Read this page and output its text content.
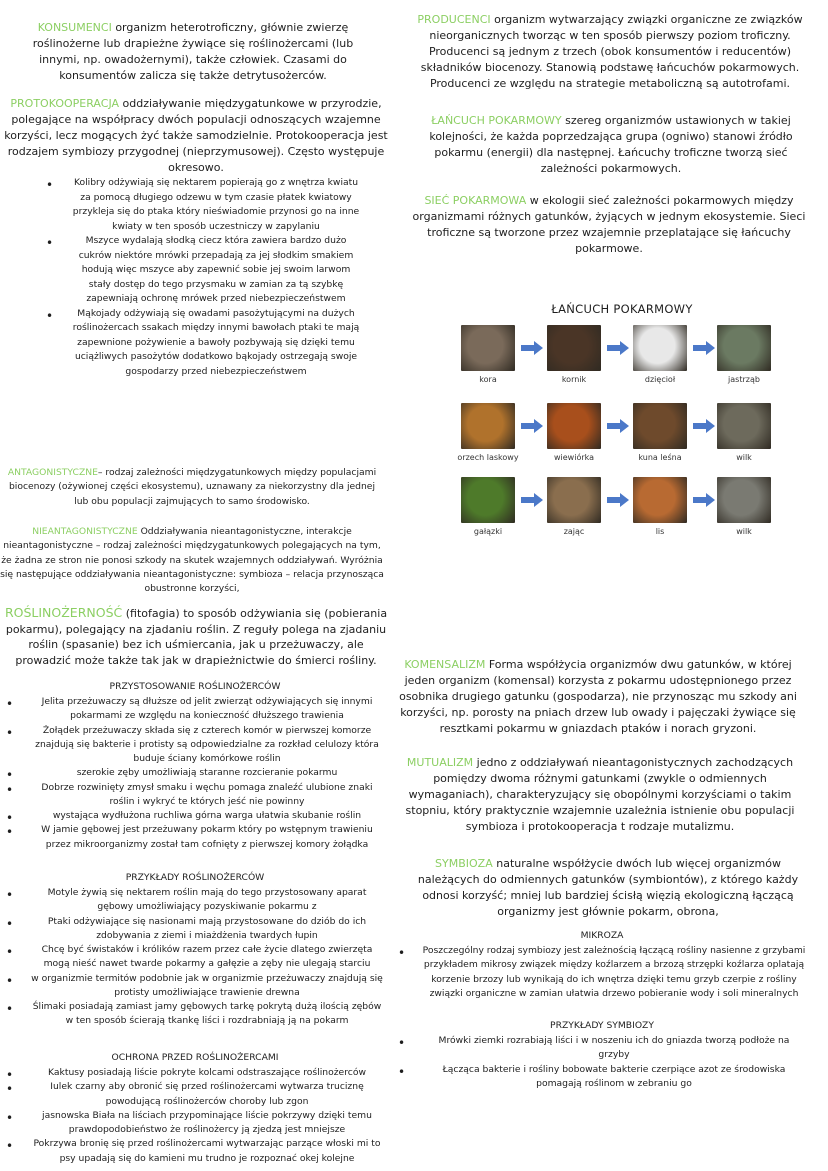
KONSUMENCI organizm heterotroficzny, głównie zwierzę roślinożerne lub drapieżne żywiące się roślinożercami (lub innymi, np. owadożernymi), także człowiek. Czasami do konsumentów zalicza się także detrytusożerców.
PROTOKOOPERACJA oddziaływanie międzygatunkowe w przyrodzie, polegające na współpracy dwóch populacji odnoszących wzajemne korzyści, lecz mogących żyć także samodzielnie. Protokooperacja jest rodzajem symbiozy przygodnej (nieprzymusowej). Często występuje okresowo.
• Kolibry odżywiają się nektarem popierają go z wnętrza kwiatu za pomocą długiego odzewu w tym czasie płatek kwiatowy przykleja się do ptaka który nieświadomie przynosi go na inne kwiaty w ten sposób uczestniczy w zapylaniu
• Mszyce wydalają słodką ciecz która zawiera bardzo dużo cukrów niektóre mrówki przepadają za jej słodkim smakiem hodują więc mszyce aby zapewnić sobie jej swoim larwom stały dostęp do tego przysmaku w zamian za tą szybkę zapewniają ochronę mrówek przed niebezpieczeństwem
• Mąkojady odżywiają się owadami pasożytującymi na dużych roślinożercach ssakach między innymi bawołach ptaki te mają zapewnione pożywienie a bawoły pozbywają się dzięki temu uciążliwych pasożytów dodatkowo bąkojady ostrzegają swoje gospodarzy przed niebezpieczeństwem
ANTAGONISTYCZNE– rodzaj zależności międzygatunkowych między populacjami biocenozy (ożywionej części ekosystemu), uznawany za niekorzystny dla jednej lub obu populacji zajmujących to samo środowisko.
NIEANTAGONISTYCZNE Oddziaływania nieantagonistyczne, interakcje nieantagonistyczne – rodzaj zależności międzygatunkowych polegających na tym, że żadna ze stron nie ponosi szkody na skutek wzajemnych oddziaływań. Wyróżnia się następujące oddziaływania nieantagonistyczne: symbioza – relacja przynosząca obustronne korzyści,
ROŚLINOŻERNOŚĆ (fitofagia) to sposób odżywiania się (pobierania pokarmu), polegający na zjadaniu roślin. Z reguły polega na zjadaniu roślin (spasanie) bez ich uśmiercania, jak u przeżuwaczy, ale prowadzić może także tak jak w drapieżnictwie do śmierci rośliny.
PRZYSTOSOWANIE ROŚLINOŻERCÓW
• Jelita przeżuwaczy są dłuższe od jelit zwierząt odżywiających się innymi pokarmami ze względu na konieczność dłuższego trawienia
• Żołądek przeżuwaczy składa się z czterech komór w pierwszej komorze znajdują się bakterie i protisty są odpowiedzialne za rozkład celulozy która buduje ściany komórkowe roślin
• szerokie zęby umożliwiają staranne rozcieranie pokarmu
• Dobrze rozwinięty zmysł smaku i węchu pomaga znaleźć ulubione znaki roślin i wykryć te których jeść nie powinny
• wystająca wydłużona ruchliwa górna warga ułatwia skubanie roślin
• W jamie gębowej jest przeżuwany pokarm który po wstępnym trawieniu przez mikroorganizmy został tam cofnięty z pierwszej komory żołądka
PRZYKŁADY ROŚLINOŻERCÓW
• Motyle żywią się nektarem roślin mają do tego przystosowany aparat gębowy umożliwiający pozyskiwanie pokarmu z
• Ptaki odżywiające się nasionami mają przystosowane do dziób do ich zdobywania z ziemi i miażdżenia twardych łupin
• Chcę być świstaków i królików razem przez całe życie dlatego zwierzęta mogą nieść nawet twarde pokarmy a gałęzie a zęby nie ulegają starciu
• w organizmie termitów podobnie jak w organizmie przeżuwaczy znajdują się protisty umożliwiające trawienie drewna
• Ślimaki posiadają zamiast jamy gębowych tarkę pokrytą dużą ilością zębów w ten sposób ścierają tkankę liści i rozdrabniają ją na pokarm
OCHRONA PRZED ROŚLINOŻERCAMI
• Kaktusy posiadają liście pokryte kolcami odstraszające roślinożerców
• Iulek czarny aby obronić się przed roślinożercami wytwarza truciznę powodującą roślinożerców choroby lub zgon
• jasnowska Biała na liściach przypominające liście pokrzywy dzięki temu prawdopodobieństwo że roślinożercy ją zjedzą jest mniejsze
• Pokrzywa bronię się przed roślinożercami wytwarzając parzące włoski mi to psy upadają się do kamieni mu trudno je rozpoznać okej kolejne
PRODUCENCI organizm wytwarzający związki organiczne ze związków nieorganicznych tworząc w ten sposób pierwszy poziom troficzny. Producenci są jednym z trzech (obok konsumentów i reducentów) składników biocenozy. Stanowią podstawę łańcuchów pokarmowych. Producenci ze względu na strategie metaboliczną są autotrofami.
ŁAŃCUCH POKARMOWY szereg organizmów ustawionych w takiej kolejności, że każda poprzedzająca grupa (ogniwo) stanowi źródło pokarmu (energii) dla następnej. Łańcuchy troficzne tworzą sieć zależności pokarmowych.
SIEĆ POKARMOWA w ekologii sieć zależności pokarmowych między organizmami różnych gatunków, żyjących w jednym ekosystemie. Sieci troficzne są tworzone przez wzajemnie przeplatające się łańcuchy pokarmowe.
ŁAŃCUCH POKARMOWY
kora	kornik	dzięcioł	jastrząb
orzech laskowy	wiewiórka	kuna leśna	wilk
gałązki	zając	lis	wilk
KOMENSALIZM Forma współżycia organizmów dwu gatunków, w której jeden organizm (komensal) korzysta z pokarmu udostępnionego przez osobnika drugiego gatunku (gospodarza), nie przynosząc mu szkody ani korzyści, np. porosty na pniach drzew lub owady i pajęczaki żywiące się resztkami pokarmu w gniazdach ptaków i norach gryzoni.
MUTUALIZM jedno z oddziaływań nieantagonistycznych zachodzących pomiędzy dwoma różnymi gatunkami (zwykle o odmiennych wymaganiach), charakteryzujący się obopólnymi korzyściami o takim stopniu, który praktycznie wzajemnie uzależnia istnienie obu populacji symbioza i protokooperacja t rodzaje mutalizmu.
SYMBIOZA naturalne współżycie dwóch lub więcej organizmów należących do odmiennych gatunków (symbiontów), z którego każdy odnosi korzyść; mniej lub bardziej ścisłą więzią ekologiczną łączącą organizmy jest głównie pokarm, obrona,
MIKROZA
• Poszczególny rodzaj symbiozy jest zależnością łączącą rośliny nasienne z grzybami przykładem mikrosy związek między koźlarzem a brzozą strzępki koźlarza oplatają korzenie brzozy lub wynikają do ich wnętrza dzięki temu grzyb czerpie z rośliny związki organiczne w zamian ułatwia drzewo pobieranie wody i soli mineralnych
PRZYKŁADY SYMBIOZY
• Mrówki ziemki rozrabiają liści i w noszeniu ich do gniazda tworzą podłoże na grzyby
• Łącząca bakterie i rośliny bobowate bakterie czerpiące azot ze środowiska pomagają roślinom w zebraniu go
